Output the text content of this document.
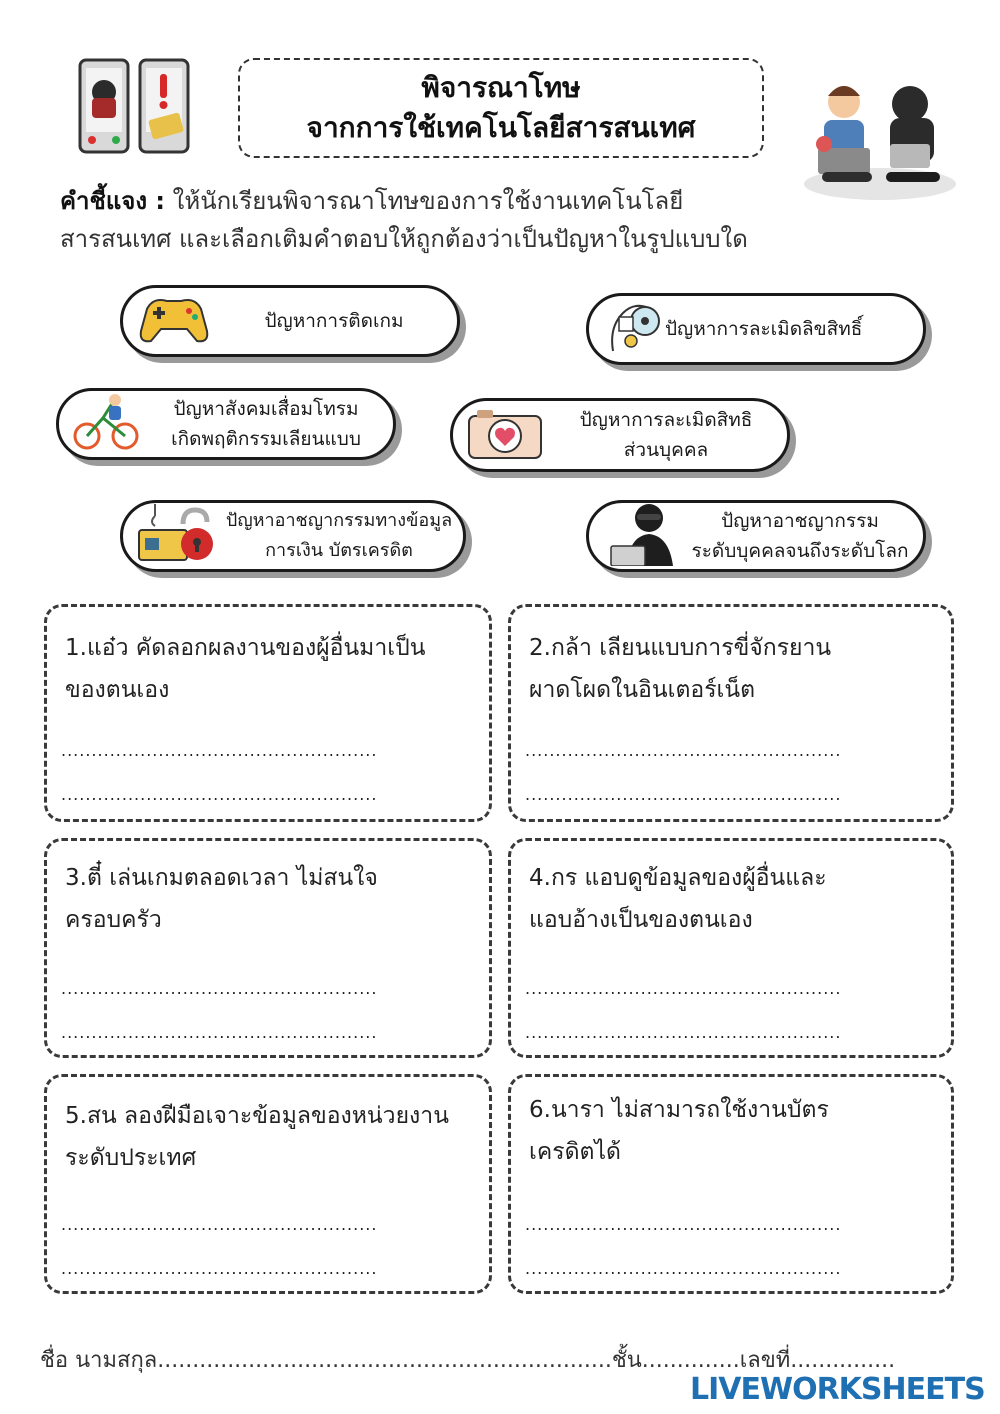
พิจารณาโทษ
จากการใช้เทคโนโลยีสารสนเทศ
คำชี้แจง : ให้นักเรียนพิจารณาโทษของการใช้งานเทคโนโลยี
สารสนเทศ และเลือกเติมคำตอบให้ถูกต้องว่าเป็นปัญหาในรูปแบบใด
ปัญหาการติดเกม	ปัญหาการละเมิดลิขสิทธิ์
ปัญหาสังคมเสื่อมโทรม
เกิดพฤติกรรมเลียนแบบ
ปัญหาการละเมิดสิทธิ
ส่วนบุคคล
ปัญหาอาชญากรรมทางข้อมูล
การเงิน บัตรเครดิต
ปัญหาอาชญากรรม
ระดับบุคคลจนถึงระดับโลก
1.แอ๋ว คัดลอกผลงานของผู้อื่นมาเป็น
ของตนเอง
....................................................
....................................................
2.กล้า เลียนแบบการขี่จักรยาน
ผาดโผดในอินเตอร์เน็ต
....................................................
....................................................
3.ตี๋ เล่นเกมตลอดเวลา ไม่สนใจ
ครอบครัว
....................................................
....................................................
4.กร แอบดูข้อมูลของผู้อื่นและ
แอบอ้างเป็นของตนเอง
....................................................
....................................................
5.สน ลองฝีมือเจาะข้อมูลของหน่วยงาน
ระดับประเทศ
....................................................
....................................................
6.นารา ไม่สามารถใช้งานบัตร
เครดิตได้
....................................................
....................................................
ชื่อ นามสกุล.................................................................ชั้น..............เลขที่...............
LIVEWORKSHEETS
